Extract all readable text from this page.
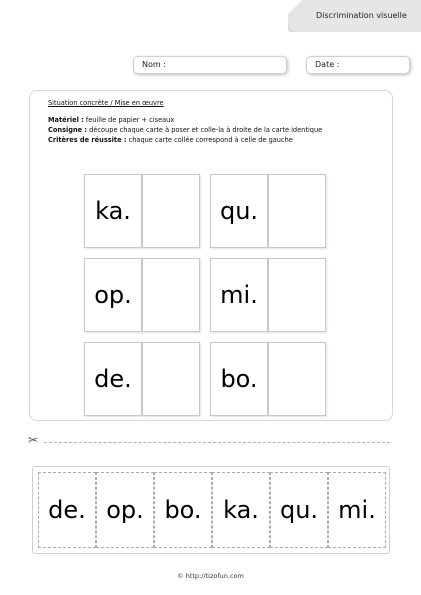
Discrimination visuelle
Nom :	Date :
Situation concrète / Mise en œuvre
Matériel : feuille de papier + ciseaux
Consigne : découpe chaque carte à poser et colle-la à droite de la carte identique
Critères de réussite : chaque carte collée correspond à celle de gauche
ka.	qu.
op.	mi.
de.	bo.
✂
de. op. bo. ka. qu. mi.
© http://tizofun.com
